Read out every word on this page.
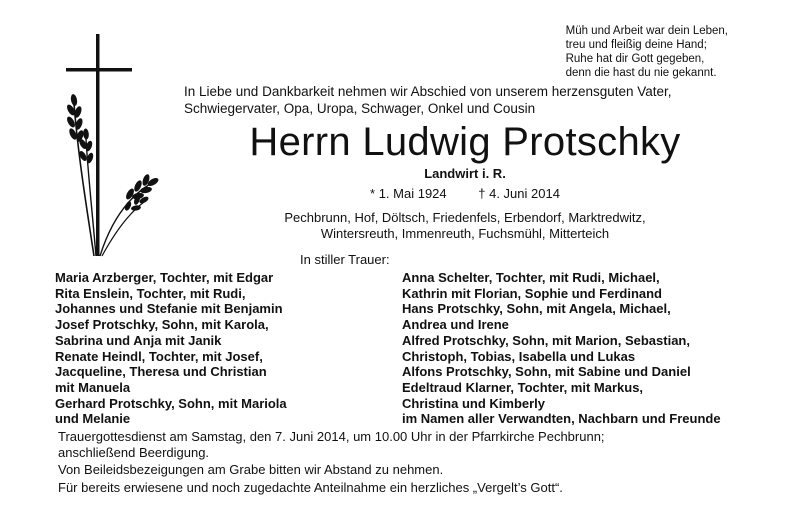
Müh und Arbeit war dein Leben,
treu und fleißig deine Hand;
Ruhe hat dir Gott gegeben,
denn die hast du nie gekannt.
In Liebe und Dankbarkeit nehmen wir Abschied von unserem herzensguten Vater,
Schwiegervater, Opa, Uropa, Schwager, Onkel und Cousin
Herrn Ludwig Protschky
Landwirt i. R.
* 1. Mai 1924 † 4. Juni 2014
Pechbrunn, Hof, Döltsch, Friedenfels, Erbendorf, Marktredwitz,
Wintersreuth, Immenreuth, Fuchsmühl, Mitterteich
In stiller Trauer:
Maria Arzberger, Tochter, mit Edgar
Rita Enslein, Tochter, mit Rudi,
Johannes und Stefanie mit Benjamin
Josef Protschky, Sohn, mit Karola,
Sabrina und Anja mit Janik
Renate Heindl, Tochter, mit Josef,
Jacqueline, Theresa und Christian
mit Manuela
Gerhard Protschky, Sohn, mit Mariola
und Melanie
Anna Schelter, Tochter, mit Rudi, Michael,
Kathrin mit Florian, Sophie und Ferdinand
Hans Protschky, Sohn, mit Angela, Michael,
Andrea und Irene
Alfred Protschky, Sohn, mit Marion, Sebastian,
Christoph, Tobias, Isabella und Lukas
Alfons Protschky, Sohn, mit Sabine und Daniel
Edeltraud Klarner, Tochter, mit Markus,
Christina und Kimberly
im Namen aller Verwandten, Nachbarn und Freunde
Trauergottesdienst am Samstag, den 7. Juni 2014, um 10.00 Uhr in der Pfarrkirche Pechbrunn;
anschließend Beerdigung.
Von Beileidsbezeigungen am Grabe bitten wir Abstand zu nehmen.
Für bereits erwiesene und noch zugedachte Anteilnahme ein herzliches „Vergelt’s Gott“.
